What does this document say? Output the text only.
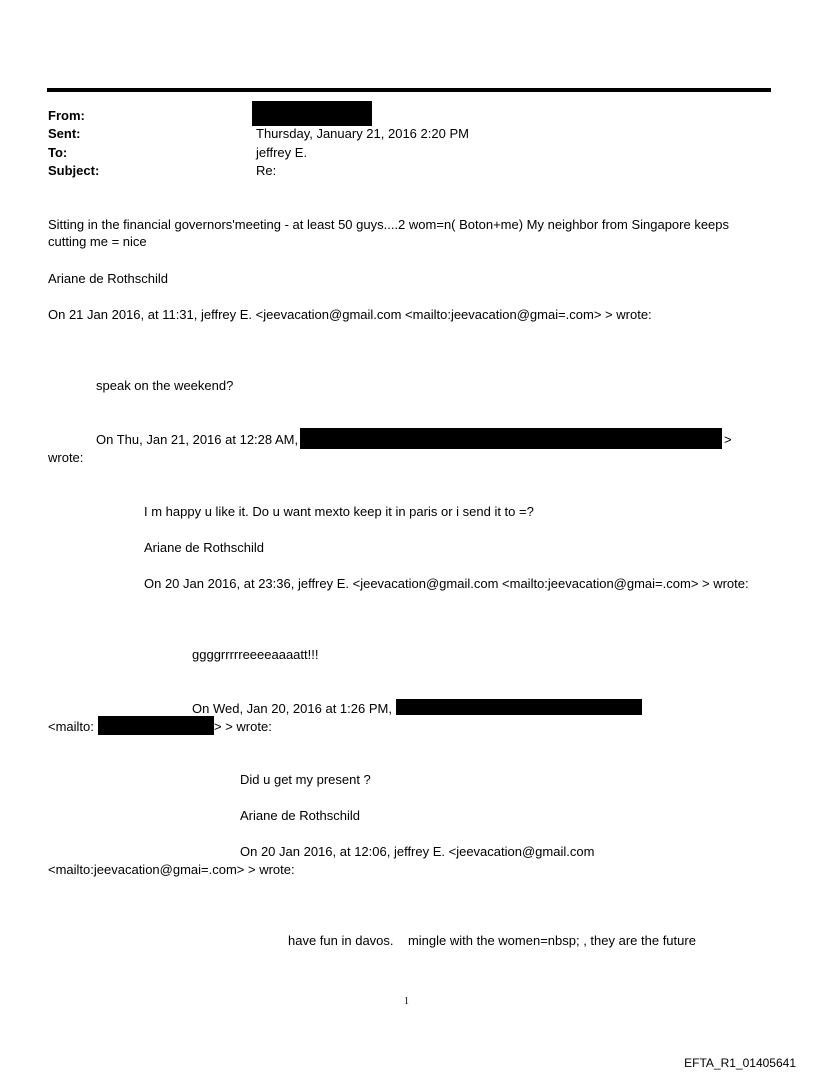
From:
Sent:	Thursday, January 21, 2016 2:20 PM
To:	jeffrey E.
Subject:	Re:
Sitting in the financial governors'meeting - at least 50 guys....2 wom=n( Boton+me) My neighbor from Singapore keeps cutting me = nice
Ariane de Rothschild
On 21 Jan 2016, at 11:31, jeffrey E. <jeevacation@gmail.com <mailto:jeevacation@gmai=.com> > wrote:
speak on the weekend?
On Thu, Jan 21, 2016 at 12:28 AM,	>
wrote:
I m happy u like it. Do u want mexto keep it in paris or i send it to =?
Ariane de Rothschild
On 20 Jan 2016, at 23:36, jeffrey E. <jeevacation@gmail.com <mailto:jeevacation@gmai=.com> > wrote:
ggggrrrrreeeeaaaatt!!!
On Wed, Jan 20, 2016 at 1:26 PM,
<mailto:	> > wrote:
Did u get my present ?
Ariane de Rothschild
On 20 Jan 2016, at 12:06, jeffrey E. <jeevacation@gmail.com
<mailto:jeevacation@gmai=.com> > wrote:
have fun in davos.    mingle with the women=nbsp; , they are the future
1
EFTA_R1_01405641
